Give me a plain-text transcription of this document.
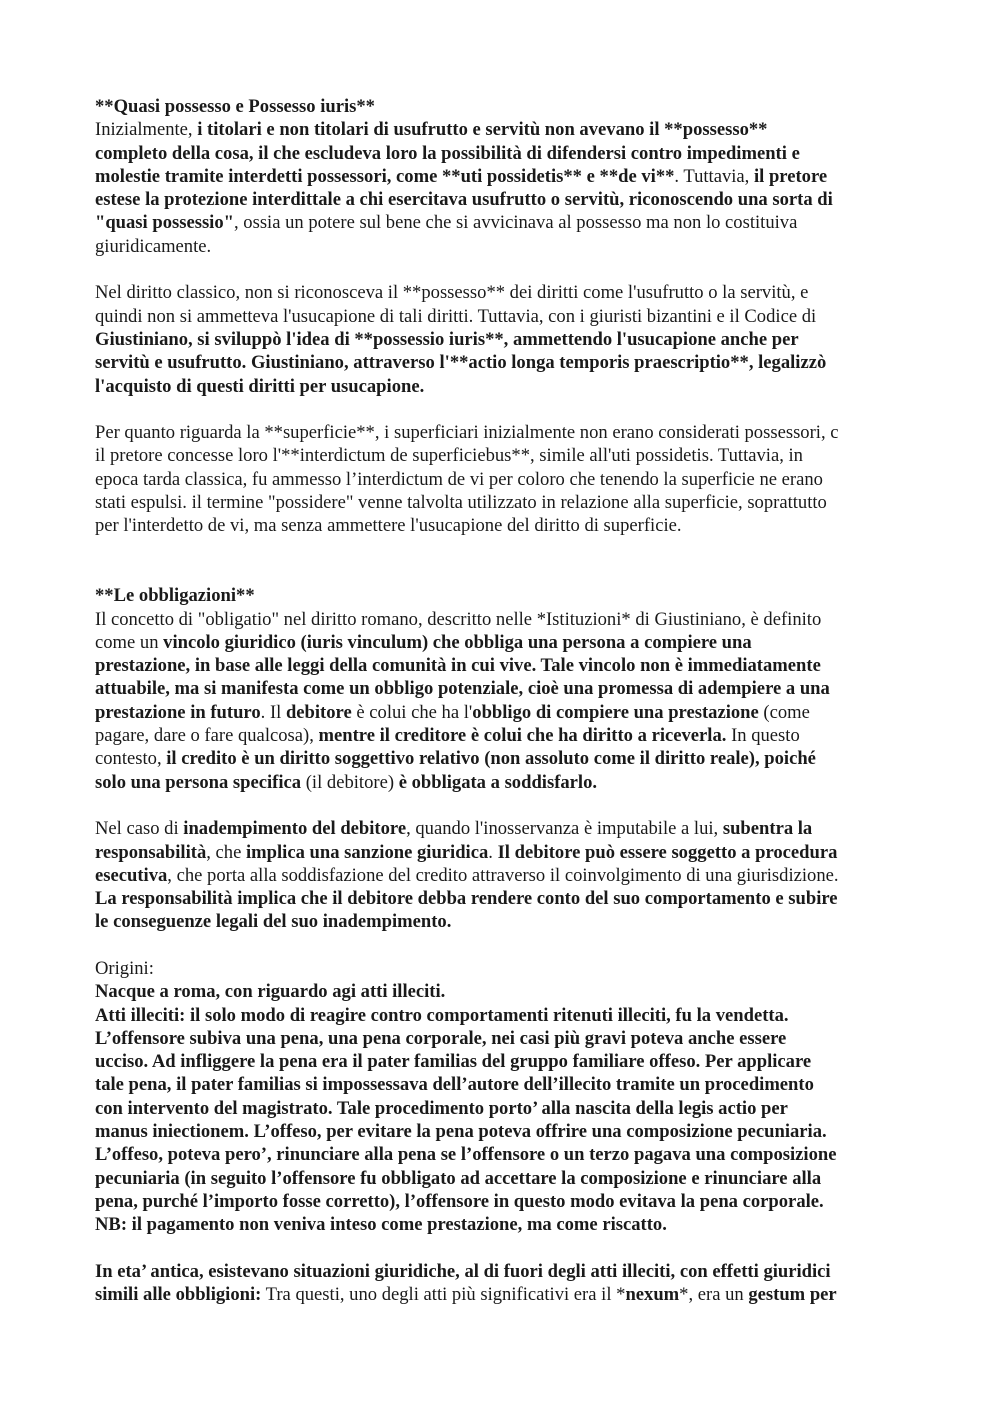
**Quasi possesso e Possesso iuris**
Inizialmente, i titolari e non titolari di usufrutto e servitù non avevano il **possesso**
completo della cosa, il che escludeva loro la possibilità di difendersi contro impedimenti e
molestie tramite interdetti possessori, come **uti possidetis** e **de vi**. Tuttavia, il pretore
estese la protezione interdittale a chi esercitava usufrutto o servitù, riconoscendo una sorta di
"quasi possessio", ossia un potere sul bene che si avvicinava al possesso ma non lo costituiva
giuridicamente.
Nel diritto classico, non si riconosceva il **possesso** dei diritti come l'usufrutto o la servitù, e
quindi non si ammetteva l'usucapione di tali diritti. Tuttavia, con i giuristi bizantini e il Codice di
Giustiniano, si sviluppò l'idea di **possessio iuris**, ammettendo l'usucapione anche per
servitù e usufrutto. Giustiniano, attraverso l'**actio longa temporis praescriptio**, legalizzò
l'acquisto di questi diritti per usucapione.
Per quanto riguarda la **superficie**, i superficiari inizialmente non erano considerati possessori, c
il pretore concesse loro l'**interdictum de superficiebus**, simile all'uti possidetis. Tuttavia, in
epoca tarda classica, fu ammesso l’interdictum de vi per coloro che tenendo la superficie ne erano
stati espulsi. il termine "possidere" venne talvolta utilizzato in relazione alla superficie, soprattutto
per l'interdetto de vi, ma senza ammettere l'usucapione del diritto di superficie.
**Le obbligazioni**
Il concetto di "obligatio" nel diritto romano, descritto nelle *Istituzioni* di Giustiniano, è definito
come un vincolo giuridico (iuris vinculum) che obbliga una persona a compiere una
prestazione, in base alle leggi della comunità in cui vive. Tale vincolo non è immediatamente
attuabile, ma si manifesta come un obbligo potenziale, cioè una promessa di adempiere a una
prestazione in futuro. Il debitore è colui che ha l'obbligo di compiere una prestazione (come
pagare, dare o fare qualcosa), mentre il creditore è colui che ha diritto a riceverla. In questo
contesto, il credito è un diritto soggettivo relativo (non assoluto come il diritto reale), poiché
solo una persona specifica (il debitore) è obbligata a soddisfarlo.
Nel caso di inadempimento del debitore, quando l'inosservanza è imputabile a lui, subentra la
responsabilità, che implica una sanzione giuridica. Il debitore può essere soggetto a procedura
esecutiva, che porta alla soddisfazione del credito attraverso il coinvolgimento di una giurisdizione.
La responsabilità implica che il debitore debba rendere conto del suo comportamento e subire
le conseguenze legali del suo inadempimento.
Origini:
Nacque a roma, con riguardo agi atti illeciti.
Atti illeciti: il solo modo di reagire contro comportamenti ritenuti illeciti, fu la vendetta.
L’offensore subiva una pena, una pena corporale, nei casi più gravi poteva anche essere
ucciso. Ad infliggere la pena era il pater familias del gruppo familiare offeso. Per applicare
tale pena, il pater familias si impossessava dell’autore dell’illecito tramite un procedimento
con intervento del magistrato. Tale procedimento porto’ alla nascita della legis actio per
manus iniectionem. L’offeso, per evitare la pena poteva offrire una composizione pecuniaria.
L’offeso, poteva pero’, rinunciare alla pena se l’offensore o un terzo pagava una composizione
pecuniaria (in seguito l’offensore fu obbligato ad accettare la composizione e rinunciare alla
pena, purché l’importo fosse corretto), l’offensore in questo modo evitava la pena corporale.
NB: il pagamento non veniva inteso come prestazione, ma come riscatto.
In eta’ antica, esistevano situazioni giuridiche, al di fuori degli atti illeciti, con effetti giuridici
simili alle obbligioni: Tra questi, uno degli atti più significativi era il *nexum*, era un gestum per
